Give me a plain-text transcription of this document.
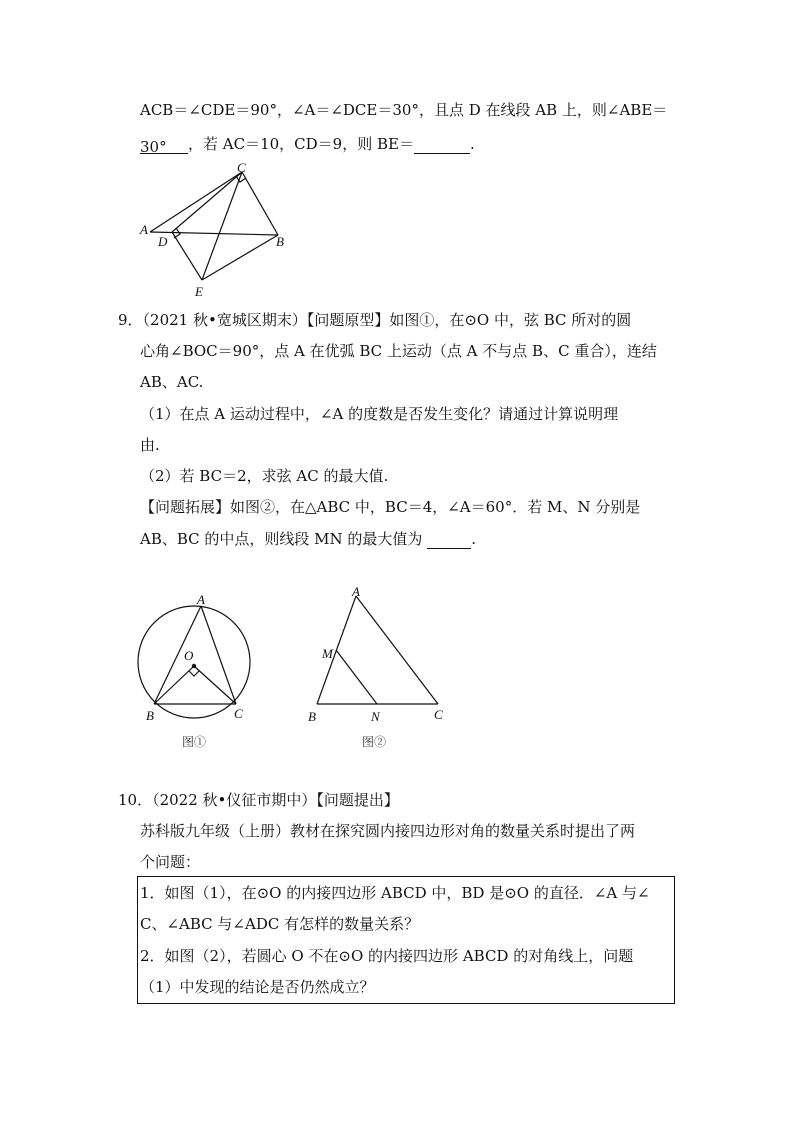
ACB＝∠CDE＝90°，∠A＝∠DCE＝30°，且点 D 在线段 AB 上，则∠ABE＝
30° ，若 AC＝10，CD＝9，则 BE＝	.
A
D
C
B
E
9．（2021 秋•宽城区期末）【问题原型】如图①，在⊙O 中，弦 BC 所对的圆
心角∠BOC＝90°，点 A 在优弧 BC 上运动（点 A 不与点 B、C 重合），连结
AB、AC.
（1）在点 A 运动过程中，∠A 的度数是否发生变化？请通过计算说明理
由.
（2）若 BC＝2，求弦 AC 的最大值.
【问题拓展】如图②，在△ABC 中，BC＝4，∠A＝60°．若 M、N 分别是
AB、BC 的中点，则线段 MN 的最大值为	.
A
O
B	C
图①
A
M
B	N	C
图②
10．（2022 秋•仪征市期中）【问题提出】
苏科版九年级（上册）教材在探究圆内接四边形对角的数量关系时提出了两
个问题：
1．如图（1），在⊙O 的内接四边形 ABCD 中，BD 是⊙O 的直径．∠A 与∠
C、∠ABC 与∠ADC 有怎样的数量关系？
2．如图（2），若圆心 O 不在⊙O 的内接四边形 ABCD 的对角线上，问题
（1）中发现的结论是否仍然成立？
